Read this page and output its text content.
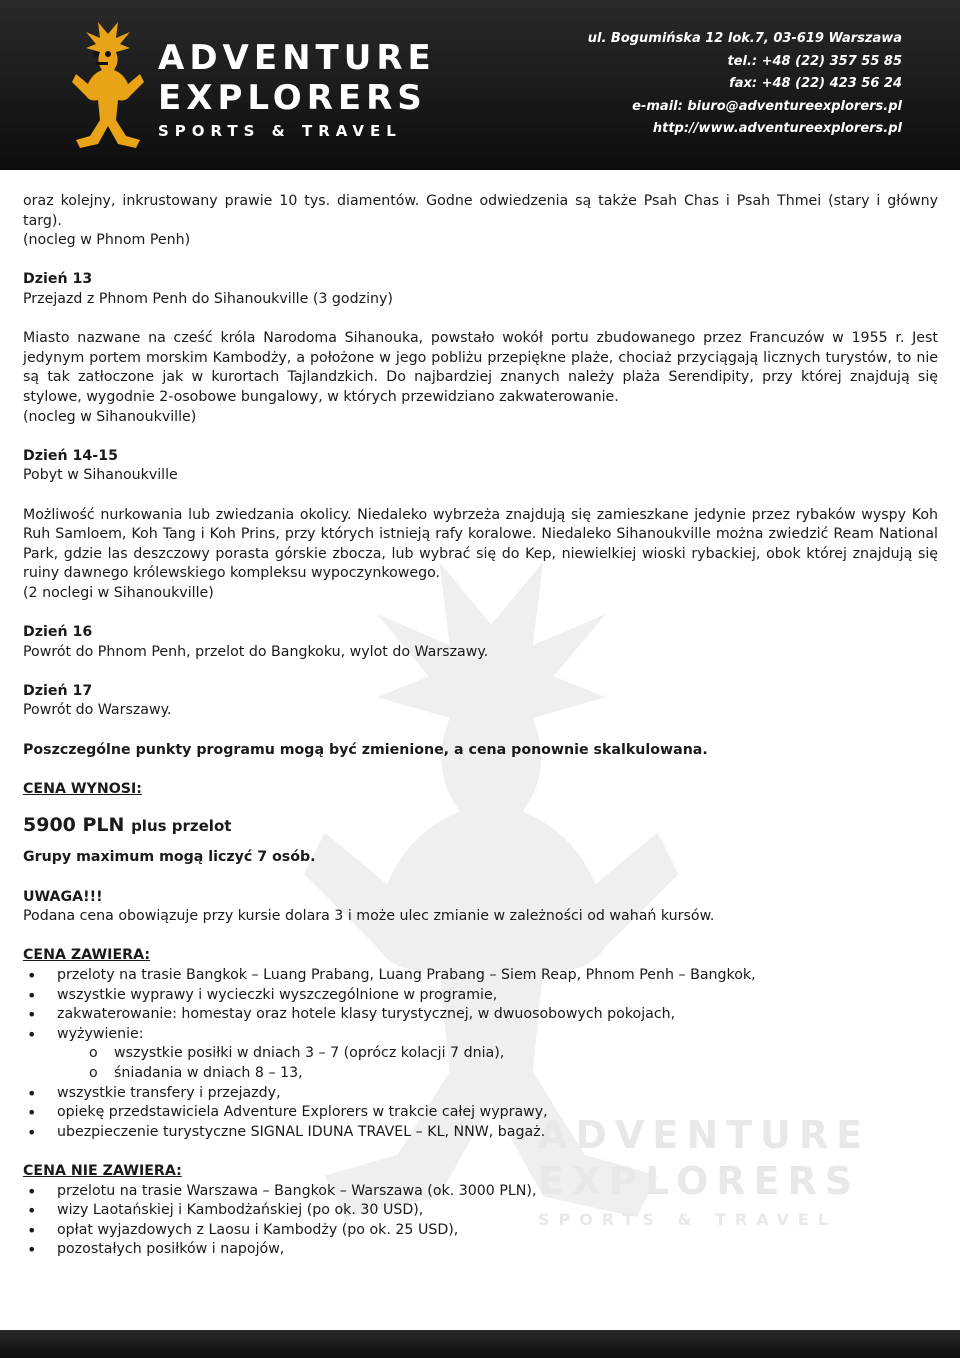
ADVENTURE
EXPLORERS
SPORTS & TRAVEL
ul. Bogumińska 12 lok.7, 03-619 Warszawa
tel.: +48 (22) 357 55 85
fax: +48 (22) 423 56 24
e-mail: biuro@adventureexplorers.pl
http://www.adventureexplorers.pl
ADVENTURE
EXPLORERS
SPORTS & TRAVEL
oraz kolejny, inkrustowany prawie 10 tys. diamentów. Godne odwiedzenia są także Psah Chas i Psah Thmei (stary i główny targ).
(nocleg w Phnom Penh)
Dzień 13
Przejazd z Phnom Penh do Sihanoukville (3 godziny)
Miasto nazwane na cześć króla Narodoma Sihanouka, powstało wokół portu zbudowanego przez Francuzów w 1955 r. Jest jedynym portem morskim Kambodży, a położone w jego pobliżu przepiękne plaże, chociaż przyciągają licznych turystów, to nie są tak zatłoczone jak w kurortach Tajlandzkich. Do najbardziej znanych należy plaża Serendipity, przy której znajdują się stylowe, wygodnie 2-osobowe bungalowy, w których przewidziano zakwaterowanie.
(nocleg w Sihanoukville)
Dzień 14-15
Pobyt w Sihanoukville
Możliwość nurkowania lub zwiedzania okolicy. Niedaleko wybrzeża znajdują się zamieszkane jedynie przez rybaków wyspy Koh Ruh Samloem, Koh Tang i Koh Prins, przy których istnieją rafy koralowe. Niedaleko Sihanoukville można zwiedzić Ream National Park, gdzie las deszczowy porasta górskie zbocza, lub wybrać się do Kep, niewielkiej wioski rybackiej, obok której znajdują się ruiny dawnego królewskiego kompleksu wypoczynkowego.
(2 noclegi w Sihanoukville)
Dzień 16
Powrót do Phnom Penh, przelot do Bangkoku, wylot do Warszawy.
Dzień 17
Powrót do Warszawy.
Poszczególne punkty programu mogą być zmienione, a cena ponownie skalkulowana.
CENA WYNOSI:
5900 PLN plus przelot
Grupy maximum mogą liczyć 7 osób.
UWAGA!!!
Podana cena obowiązuje przy kursie dolara 3 i może ulec zmianie w zależności od wahań kursów.
CENA ZAWIERA:
• przeloty na trasie Bangkok – Luang Prabang, Luang Prabang – Siem Reap, Phnom Penh – Bangkok,
• wszystkie wyprawy i wycieczki wyszczególnione w programie,
• zakwaterowanie: homestay oraz hotele klasy turystycznej, w dwuosobowych pokojach,
• wyżywienie:
o wszystkie posiłki w dniach 3 – 7 (oprócz kolacji 7 dnia),
o śniadania w dniach 8 – 13,
• wszystkie transfery i przejazdy,
• opiekę przedstawiciela Adventure Explorers w trakcie całej wyprawy,
• ubezpieczenie turystyczne SIGNAL IDUNA TRAVEL – KL, NNW, bagaż.
CENA NIE ZAWIERA:
• przelotu na trasie Warszawa – Bangkok – Warszawa (ok. 3000 PLN),
• wizy Laotańskiej i Kambodżańskiej (po ok. 30 USD),
• opłat wyjazdowych z Laosu i Kambodży (po ok. 25 USD),
• pozostałych posiłków i napojów,
